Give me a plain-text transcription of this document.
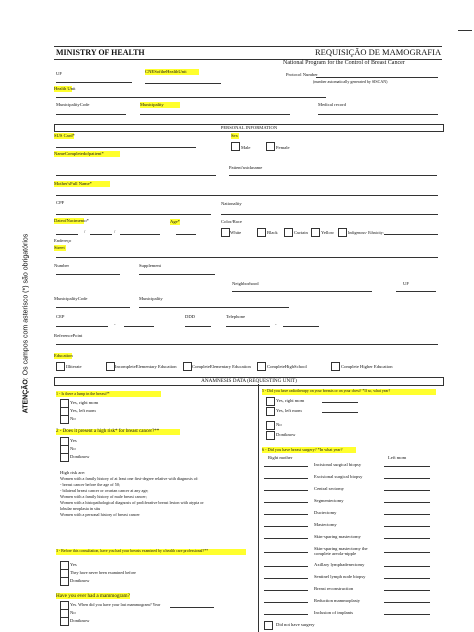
ATENÇÃO: Os campos com asterisco (*) são obrigatórios
MINISTRY OF HEALTH	REQUISIÇÃO DE MAMOGRAFIA
National Program for the Control of Breast Cancer
Protocol Number
(number automatically generated by SISCAN)
UF	CNESoftheHealthUnit
Health Unit
MunicipalityCode	Municipality	Medical record
PERSONAL INFORMATION
SUS Card*	Sex
Male	Female
NameCompletedofpatient*
Patient'snickname
Mother'sFull Name*
CPF	Nationality
DateofNacimento*	Age*
/	/
Color/Race
White	Black	Curtain	Yellow	Indigenous- Ethnicity:
Endereço
Street
Number	Supplement
Neighborhood	UF
MunicipalityCode	Municipality
CEP
-
DDD	Telephone
-
ReferencePoint
Education
Illiterate	IncompleteElementary Education	CompleteElementary Education	CompleteHighSchool	Complete Higher Education
ANAMNESIS DATA (REQUESTING UNIT)
1 - Is there a lump in the breast?*
Yes, right mom
Yes, left mom
No
2 - Does it present a high risk* for breast cancer?**
Yes
No
Dontknow
High risk are:
Women with a family history of at least one first-degree relative with diagnosis of:
- breast cancer before the age of 50;
- bilateral breast cancer or ovarian cancer at any age;
Women with a family history of male breast cancer;
Women with a histopathological diagnosis of proliferative breast lesion with atypia or
lobular neoplasia in situ
Women with a personal history of breast cancer
3 - Before this consultation, have you had your breasts examined by a health care professional?**
Yes
They have never been examined before
Dontknow
Have you ever had a mammogram?
Yes. When did you have your last mammogram? Year
No
Dontknow
5 - Did you have radiotherapy on your breasts or on your chest? *If so, what year?
Yes, right mom
Yes, left mom
No
Dontknow
6 - Did you have breast surgery? *In what year?
Right mother	Left mom
Incisional surgical biopsy
Excisional surgical biopsy
Central sectomy
Segmentectomy
Ductectomy
Mastectomy
Skin-sparing mastectomy
Skin-sparing mastectomy the complete areola-nipple
Axillary lymphadenectomy
Sentinel lymph node biopsy
Breast reconstruction
Reduction mammoplasty
Inclusion of implants
Did not have surgery
